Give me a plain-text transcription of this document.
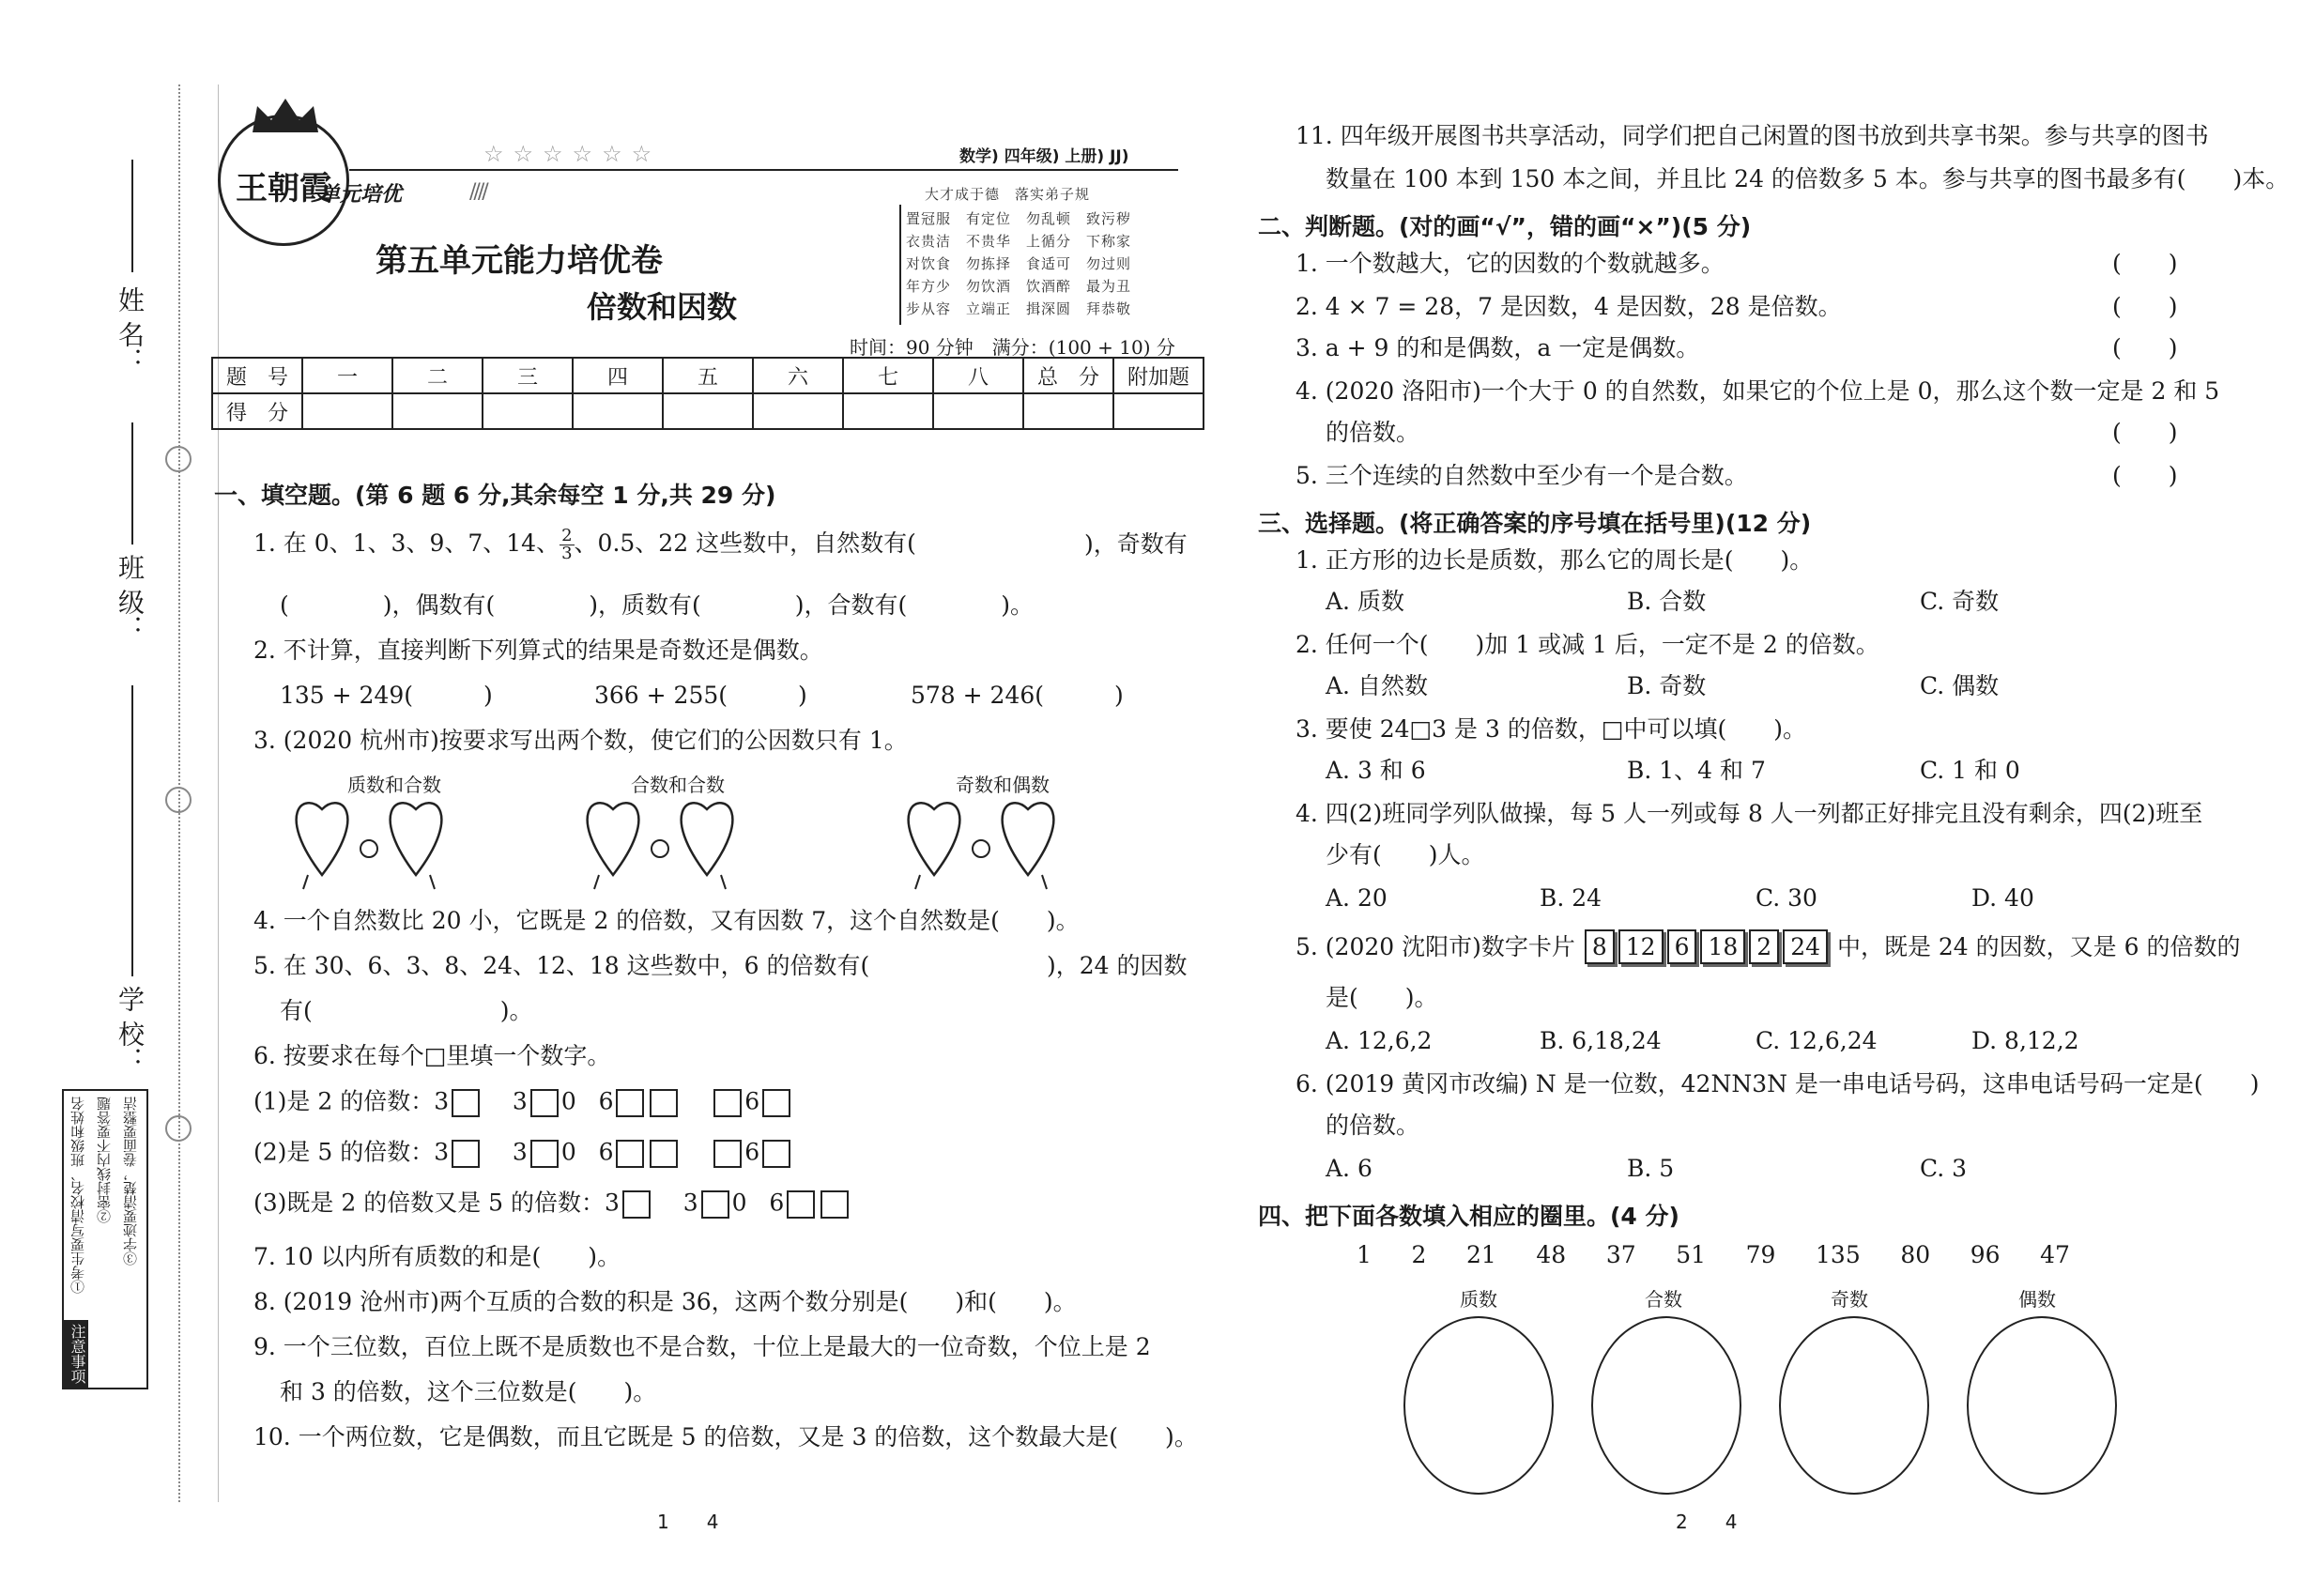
姓 名：
班 级：
学 校：
注意事项
①考生要写清校名、班级和姓名 ②密封线内不要答题 ③字迹要清楚，卷面要整洁
王朝霞
☆☆☆☆☆☆	数学) 四年级) 上册) JJ)
单元培优	////
第五单元能力培优卷
倍数和因数
大才成于德　落实弟子规
置冠服　有定位　勿乱顿　致污秽
衣贵洁　不贵华　上循分　下称家
对饮食　勿拣择　食适可　勿过则
年方少　勿饮酒　饮酒醉　最为丑
步从容　立端正　揖深圆　拜恭敬
时间：90 分钟　满分：(100 + 10) 分
题　号	一	二	三	四	五	六	七	八	总　分	附加题
得　分										
一、填空题。(第 6 题 6 分,其余每空 1 分,共 29 分)
1. 在 0、1、3、9、7、14、 $\frac{2}{3}$ 、0.5、22 这些数中，自然数有(	)，奇数有
(　　　　)，偶数有(　　　　)，质数有(　　　　)，合数有(　　　　)。
2. 不计算，直接判断下列算式的结果是奇数还是偶数。
135 + 249(　　　)	366 + 255(　　　)	578 + 246(　　　)
3. (2020 杭州市)按要求写出两个数，使它们的公因数只有 1。
质数和合数	合数和合数	奇数和偶数
4. 一个自然数比 20 小，它既是 2 的倍数，又有因数 7，这个自然数是(　　)。
5. 在 30、6、3、8、24、12、18 这些数中，6 的倍数有(	)，24 的因数
有(　　　　　　　　)。
6. 按要求在每个□里填一个数字。
(1)是 2 的倍数：3	3 0 6	6
(2)是 5 的倍数：3	3 0 6	6
(3)既是 2 的倍数又是 5 的倍数：3	3 0 6
7. 10 以内所有质数的和是(　　)。
8. (2019 沧州市)两个互质的合数的积是 36，这两个数分别是(　　)和(　　)。
9. 一个三位数，百位上既不是质数也不是合数，十位上是最大的一位奇数，个位上是 2
和 3 的倍数，这个三位数是(　　)。
10. 一个两位数，它是偶数，而且它既是 5 的倍数，又是 3 的倍数，这个数最大是(　　)。
1　　4
11. 四年级开展图书共享活动，同学们把自己闲置的图书放到共享书架。参与共享的图书
数量在 100 本到 150 本之间，并且比 24 的倍数多 5 本。参与共享的图书最多有(　　)本。
二、判断题。(对的画“√”，错的画“×”)(5 分)
1. 一个数越大，它的因数的个数就越多。	(　　)
2. 4 × 7 = 28，7 是因数，4 是因数，28 是倍数。	(　　)
3. a + 9 的和是偶数，a 一定是偶数。	(　　)
4. (2020 洛阳市)一个大于 0 的自然数，如果它的个位上是 0，那么这个数一定是 2 和 5
的倍数。	(　　)
5. 三个连续的自然数中至少有一个是合数。	(　　)
三、选择题。(将正确答案的序号填在括号里)(12 分)
1. 正方形的边长是质数，那么它的周长是(　　)。
A. 质数	B. 合数	C. 奇数
2. 任何一个(　　)加 1 或减 1 后，一定不是 2 的倍数。
A. 自然数	B. 奇数	C. 偶数
3. 要使 24□3 是 3 的倍数，□中可以填(　　)。
A. 3 和 6	B. 1、4 和 7	C. 1 和 0
4. 四(2)班同学列队做操，每 5 人一列或每 8 人一列都正好排完且没有剩余，四(2)班至
少有(　　)人。
A. 20	B. 24	C. 30	D. 40
5. (2020 沈阳市)数字卡片 8 12 6 18 2 24 中，既是 24 的因数，又是 6 的倍数的
是(　　)。
A. 12,6,2	B. 6,18,24	C. 12,6,24	D. 8,12,2
6. (2019 黄冈市改编) N 是一位数，42NN3N 是一串电话号码，这串电话号码一定是(　　)
的倍数。
A. 6	B. 5	C. 3
四、把下面各数填入相应的圈里。(4 分)
1 2 21 48 37 51 79 135 80 96 47
质数	合数	奇数	偶数
2　　4
